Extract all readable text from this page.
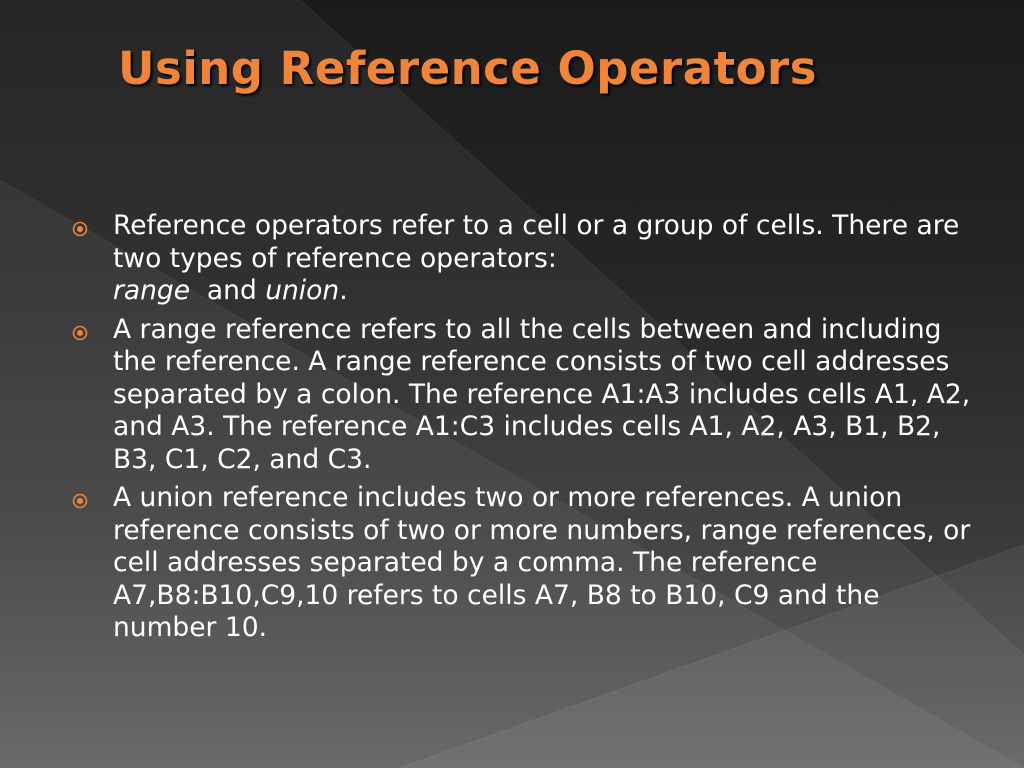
Using Reference Operators
Reference operators refer to a cell or a group of cells. There are two types of reference operators:
range and union.
A range reference refers to all the cells between and including the reference. A range reference consists of two cell addresses separated by a colon. The reference A1:A3 includes cells A1, A2, and A3. The reference A1:C3 includes cells A1, A2, A3, B1, B2, B3, C1, C2, and C3.
A union reference includes two or more references. A union reference consists of two or more numbers, range references, or cell addresses separated by a comma. The reference A7,B8:B10,C9,10 refers to cells A7, B8 to B10, C9 and the number 10.
